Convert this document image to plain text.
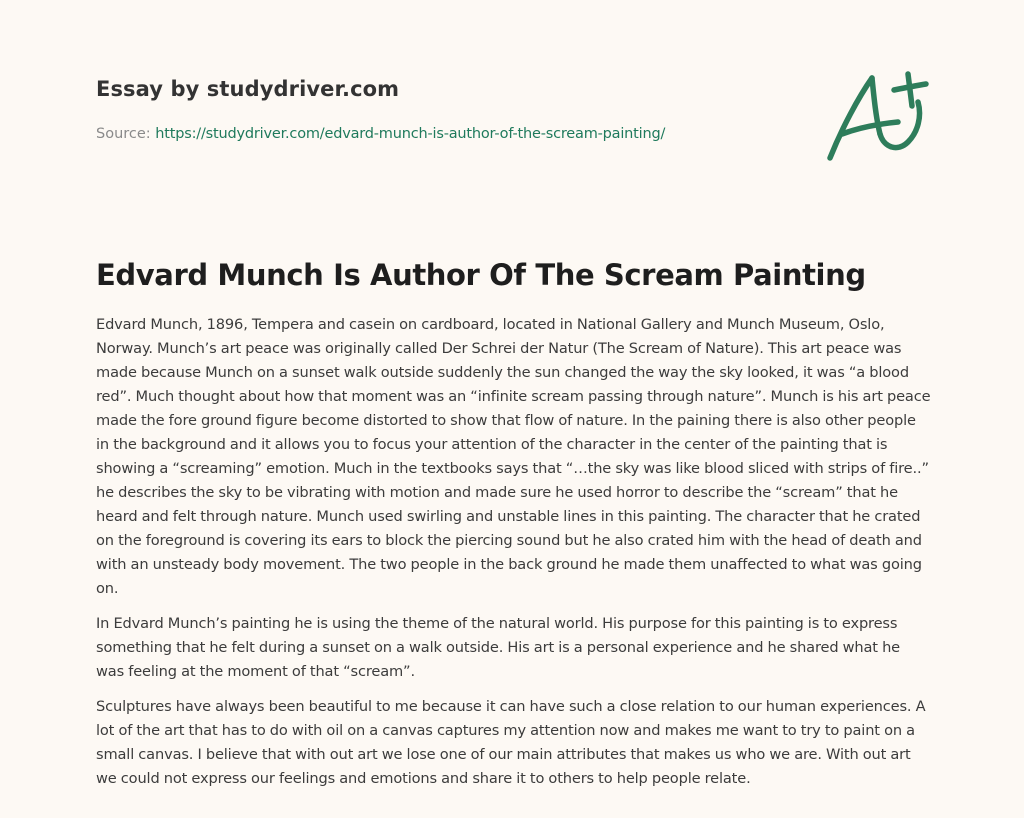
Essay by studydriver.com
Source: https://studydriver.com/edvard-munch-is-author-of-the-scream-painting/
Edvard Munch Is Author Of The Scream Painting

Edvard Munch, 1896, Tempera and casein on cardboard, located in National Gallery and Munch Museum, Oslo, Norway. Munch’s art peace was originally called Der Schrei der Natur (The Scream of Nature). This art peace was made because Munch on a sunset walk outside suddenly the sun changed the way the sky looked, it was “a blood red”. Much thought about how that moment was an “infinite scream passing through nature”. Munch is his art peace made the fore ground figure become distorted to show that flow of nature. In the paining there is also other people in the background and it allows you to focus your attention of the character in the center of the painting that is showing a “screaming” emotion. Much in the textbooks says that “…the sky was like blood sliced with strips of fire..” he describes the sky to be vibrating with motion and made sure he used horror to describe the “scream” that he heard and felt through nature. Munch used swirling and unstable lines in this painting. The character that he crated on the foreground is covering its ears to block the piercing sound but he also crated him with the head of death and with an unsteady body movement. The two people in the back ground he made them unaffected to what was going on.

In Edvard Munch’s painting he is using the theme of the natural world. His purpose for this painting is to express something that he felt during a sunset on a walk outside. His art is a personal experience and he shared what he was feeling at the moment of that “scream”.

Sculptures have always been beautiful to me because it can have such a close relation to our human experiences. A lot of the art that has to do with oil on a canvas captures my attention now and makes me want to try to paint on a small canvas. I believe that with out art we lose one of our main attributes that makes us who we are. With out art we could not express our feelings and emotions and share it to others to help people relate.
